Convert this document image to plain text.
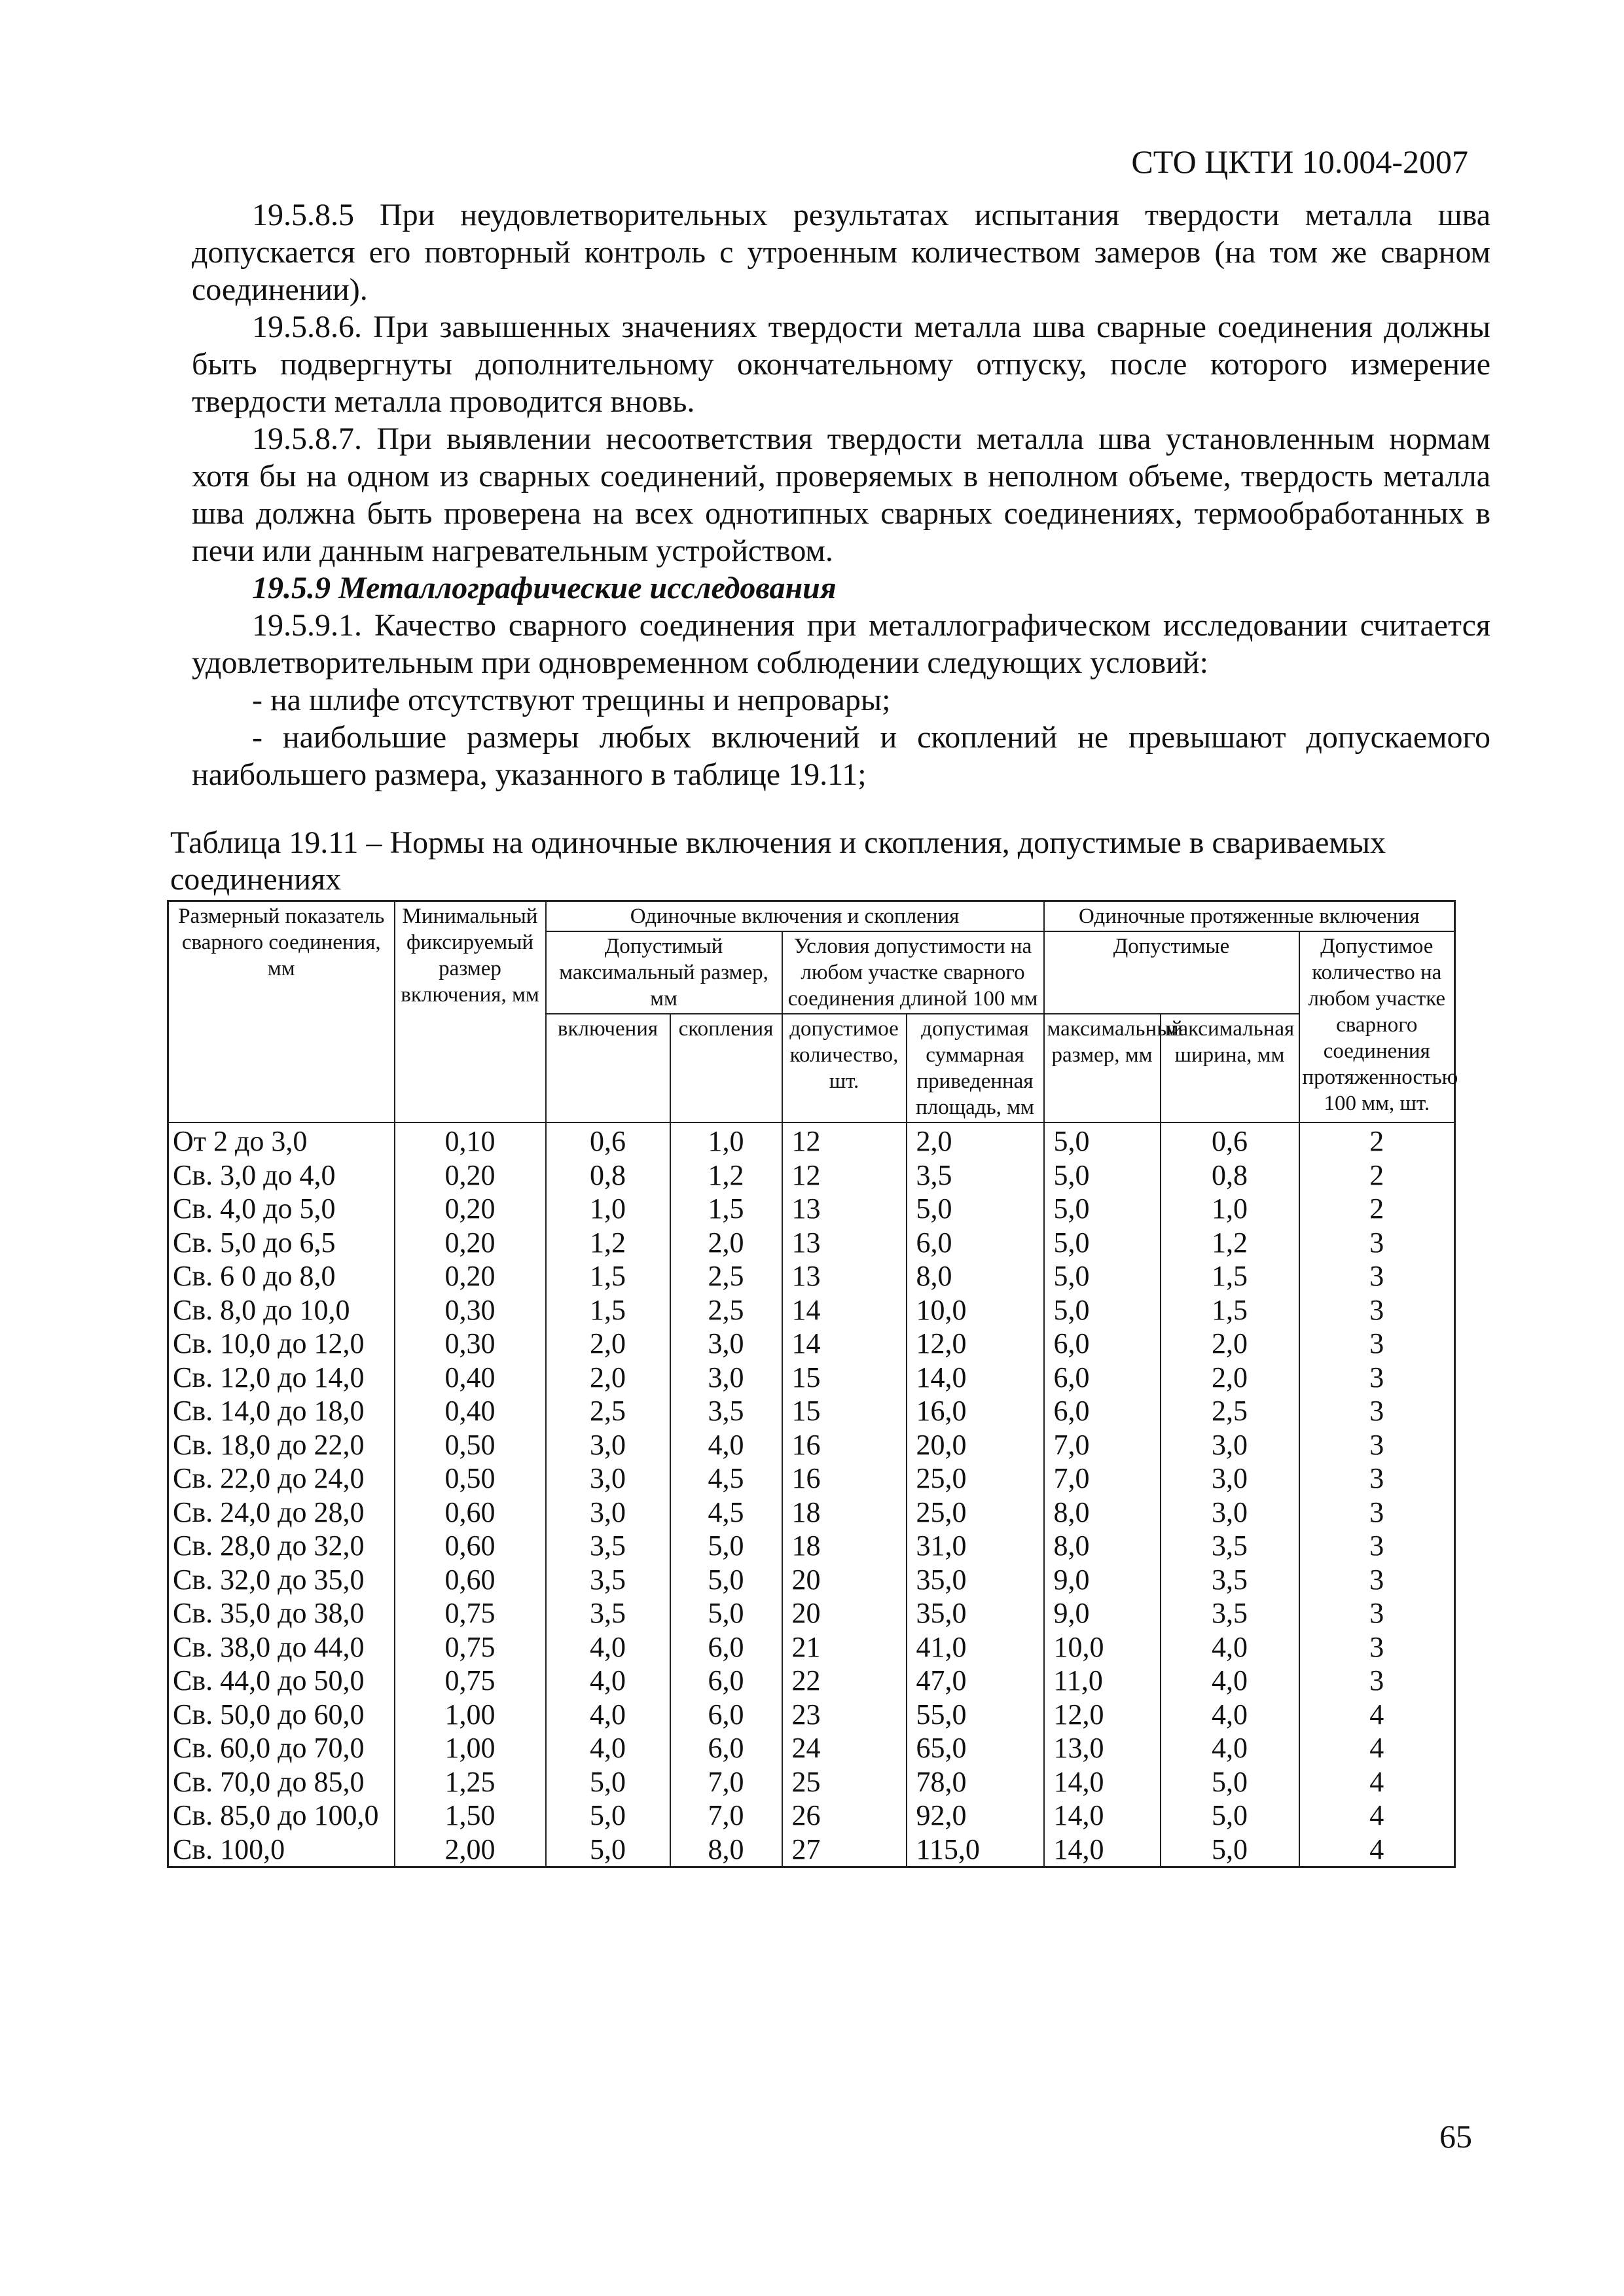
СТО ЦКТИ 10.004-2007

19.5.8.5 При неудовлетворительных результатах испытания твердости металла шва допускается его повторный контроль с утроенным количеством замеров (на том же сварном соединении).

19.5.8.6. При завышенных значениях твердости металла шва сварные соединения должны быть подвергнуты дополнительному окончательному отпуску, после которого измерение твердости металла проводится вновь.

19.5.8.7. При выявлении несоответствия твердости металла шва установленным нормам хотя бы на одном из сварных соединений, проверяемых в неполном объеме, твердость металла шва должна быть проверена на всех однотипных сварных соединениях, термообработанных в печи или данным нагревательным устройством.

19.5.9 Металлографические исследования

19.5.9.1. Качество сварного соединения при металлографическом исследовании считается удовлетворительным при одновременном соблюдении следующих условий:

- на шлифе отсутствуют трещины и непровары;

- наибольшие размеры любых включений и скоплений не превышают допускаемого наибольшего размера, указанного в таблице 19.11;

Таблица 19.11 – Нормы на одиночные включения и скопления, допустимые в свариваемых соединениях
Размерный показатель сварного соединения, мм	Минимальный фиксируемый размер включения, мм	Одиночные включения и скопления				Одиночные протяженные включения		
		Допустимый максимальный размер, мм		Условия допустимости на любом участке сварного соединения длиной 100 мм		Допустимые		Допустимое количество на любом участке сварного соединения протяженностью 100 мм, шт.
		включения	скопления	допустимое количество, шт.	допустимая суммарная приведенная площадь, мм	максимальный размер, мм	максимальная ширина, мм	
От 2 до 3,0	0,10	0,6	1,0	12	2,0	5,0	0,6	2
Св. 3,0 до 4,0	0,20	0,8	1,2	12	3,5	5,0	0,8	2
Св. 4,0 до 5,0	0,20	1,0	1,5	13	5,0	5,0	1,0	2
Св. 5,0 до 6,5	0,20	1,2	2,0	13	6,0	5,0	1,2	3
Св. 6 0 до 8,0	0,20	1,5	2,5	13	8,0	5,0	1,5	3
Св. 8,0 до 10,0	0,30	1,5	2,5	14	10,0	5,0	1,5	3
Св. 10,0 до 12,0	0,30	2,0	3,0	14	12,0	6,0	2,0	3
Св. 12,0 до 14,0	0,40	2,0	3,0	15	14,0	6,0	2,0	3
Св. 14,0 до 18,0	0,40	2,5	3,5	15	16,0	6,0	2,5	3
Св. 18,0 до 22,0	0,50	3,0	4,0	16	20,0	7,0	3,0	3
Св. 22,0 до 24,0	0,50	3,0	4,5	16	25,0	7,0	3,0	3
Св. 24,0 до 28,0	0,60	3,0	4,5	18	25,0	8,0	3,0	3
Св. 28,0 до 32,0	0,60	3,5	5,0	18	31,0	8,0	3,5	3
Св. 32,0 до 35,0	0,60	3,5	5,0	20	35,0	9,0	3,5	3
Св. 35,0 до 38,0	0,75	3,5	5,0	20	35,0	9,0	3,5	3
Св. 38,0 до 44,0	0,75	4,0	6,0	21	41,0	10,0	4,0	3
Св. 44,0 до 50,0	0,75	4,0	6,0	22	47,0	11,0	4,0	3
Св. 50,0 до 60,0	1,00	4,0	6,0	23	55,0	12,0	4,0	4
Св. 60,0 до 70,0	1,00	4,0	6,0	24	65,0	13,0	4,0	4
Св. 70,0 до 85,0	1,25	5,0	7,0	25	78,0	14,0	5,0	4
Св. 85,0 до 100,0	1,50	5,0	7,0	26	92,0	14,0	5,0	4
Св. 100,0	2,00	5,0	8,0	27	115,0	14,0	5,0	4
65
